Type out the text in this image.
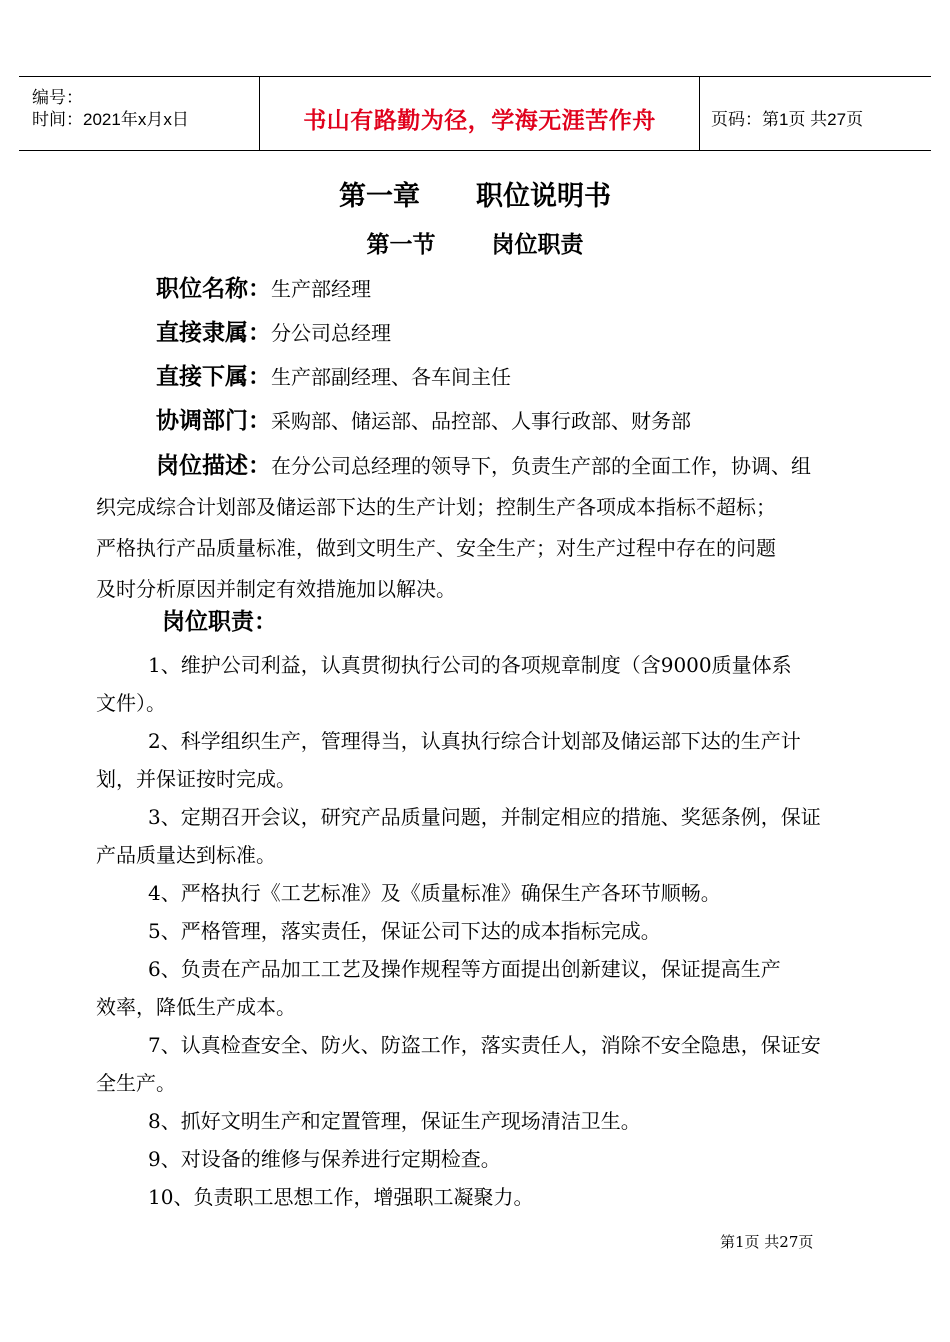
编号：
时间：2021年x月x日	书山有路勤为径，学海无涯苦作舟	页码：第1页 共27页
第一章 职位说明书
第一节 岗位职责
职位名称：生产部经理
直接隶属：分公司总经理
直接下属：生产部副经理、各车间主任
协调部门：采购部、储运部、品控部、人事行政部、财务部
岗位描述：在分公司总经理的领导下，负责生产部的全面工作，协调、组
织完成综合计划部及储运部下达的生产计划；控制生产各项成本指标不超标；
严格执行产品质量标准，做到文明生产、安全生产；对生产过程中存在的问题
及时分析原因并制定有效措施加以解决。
岗位职责：
1、维护公司利益，认真贯彻执行公司的各项规章制度（含9000质量体系
文件）。
2、科学组织生产，管理得当，认真执行综合计划部及储运部下达的生产计
划，并保证按时完成。
3、定期召开会议，研究产品质量问题，并制定相应的措施、奖惩条例，保证
产品质量达到标准。
4、严格执行《工艺标准》及《质量标准》确保生产各环节顺畅。
5、严格管理，落实责任，保证公司下达的成本指标完成。
6、负责在产品加工工艺及操作规程等方面提出创新建议，保证提高生产
效率，降低生产成本。
7、认真检查安全、防火、防盗工作，落实责任人，消除不安全隐患，保证安
全生产。
8、抓好文明生产和定置管理，保证生产现场清洁卫生。
9、对设备的维修与保养进行定期检查。
10、负责职工思想工作，增强职工凝聚力。
第1页 共27页
